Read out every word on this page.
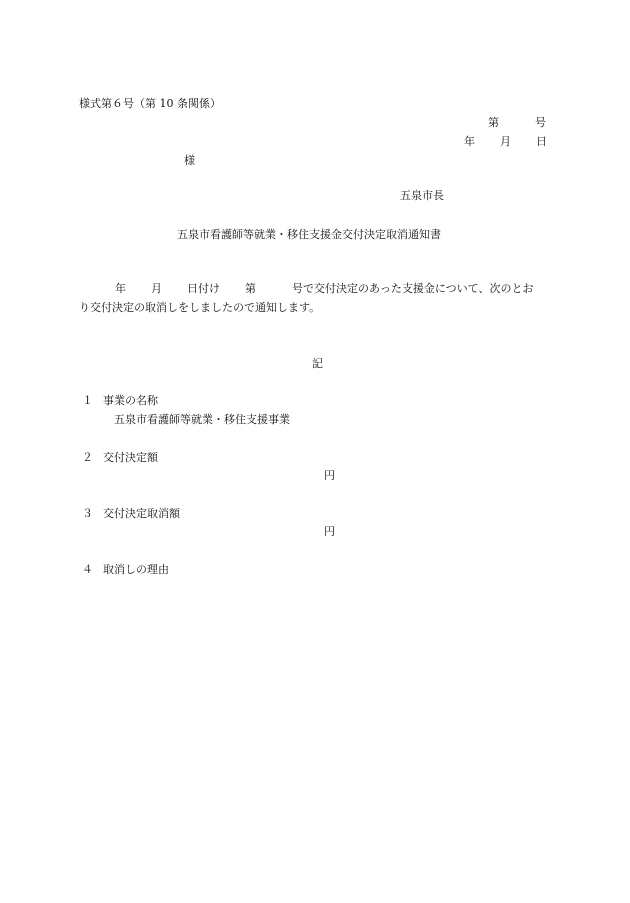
様式第６号（第 10 条関係）
第	号
年 月 日
様
五泉市長
五泉市看護師等就業・移住支援金交付決定取消通知書
年 月 日付け 第	号で交付決定のあった支援金について、次のとお
り交付決定の取消しをしましたので通知します。
記
１ 事業の名称
五泉市看護師等就業・移住支援事業
２ 交付決定額
円
３ 交付決定取消額
円
４ 取消しの理由
